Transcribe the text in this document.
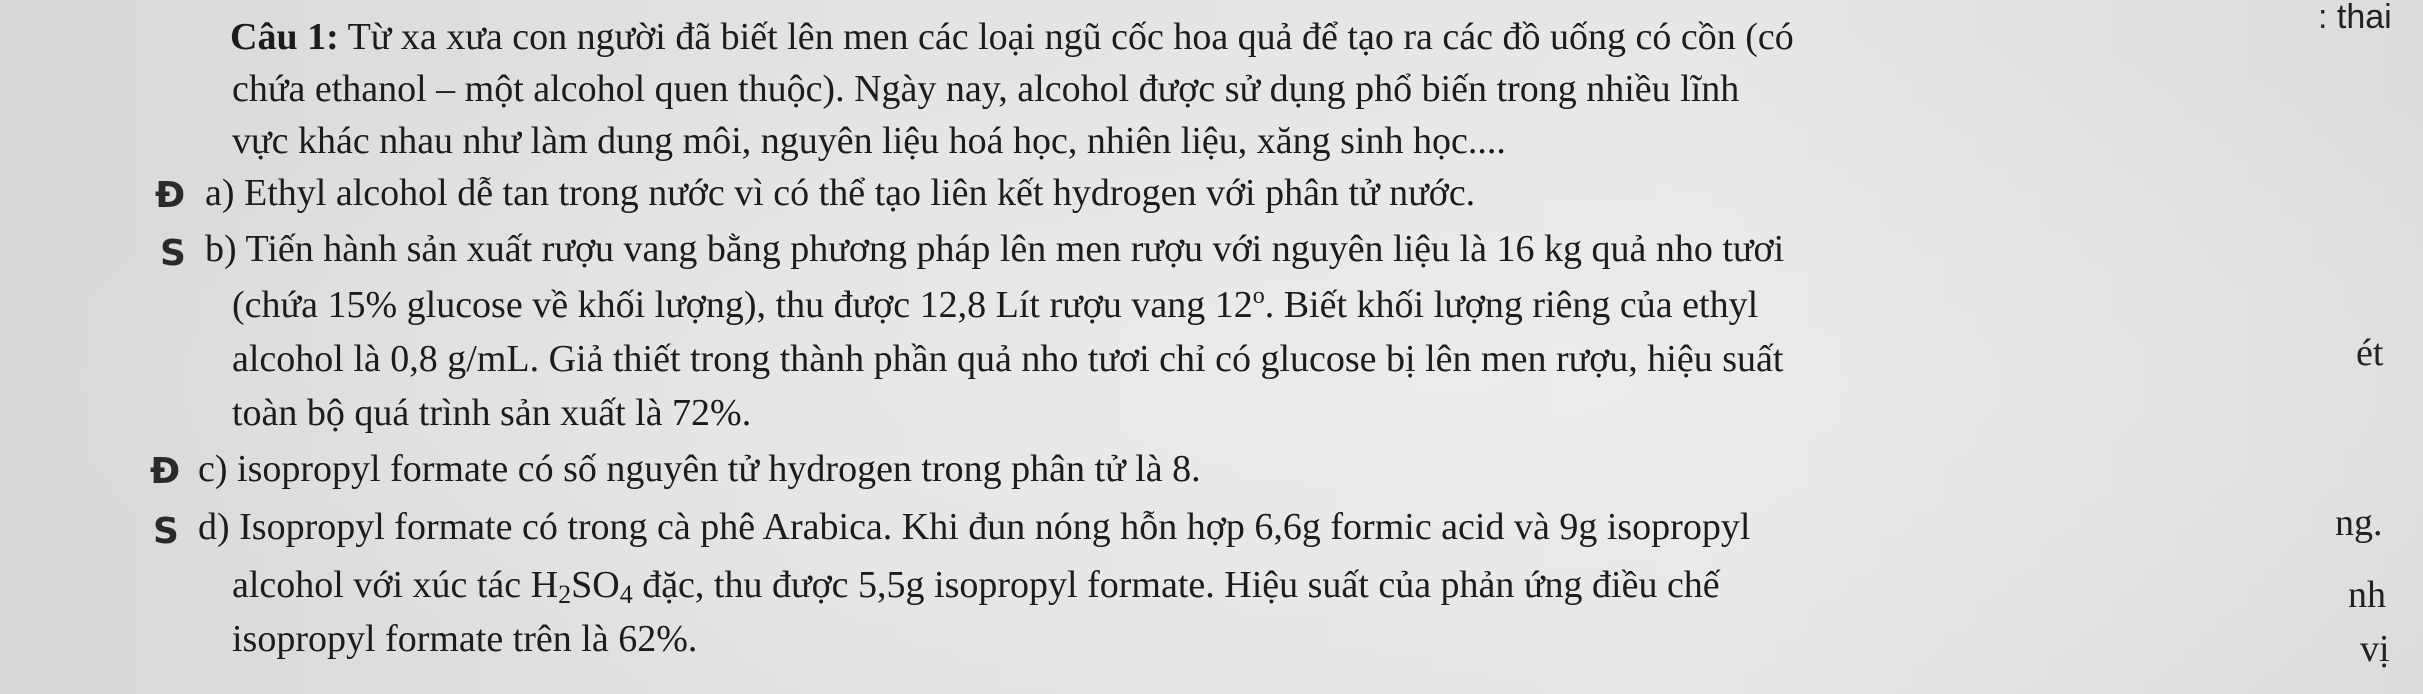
Câu 1: Từ xa xưa con người đã biết lên men các loại ngũ cốc hoa quả để tạo ra các đồ uống có cồn (có
chứa ethanol – một alcohol quen thuộc). Ngày nay, alcohol được sử dụng phổ biến trong nhiều lĩnh
vực khác nhau như làm dung môi, nguyên liệu hoá học, nhiên liệu, xăng sinh học....
Đ a) Ethyl alcohol dễ tan trong nước vì có thể tạo liên kết hydrogen với phân tử nước.
S b) Tiến hành sản xuất rượu vang bằng phương pháp lên men rượu với nguyên liệu là 16 kg quả nho tươi
(chứa 15% glucose về khối lượng), thu được 12,8 Lít rượu vang 12$^o$. Biết khối lượng riêng của ethyl
alcohol là 0,8 g/mL. Giả thiết trong thành phần quả nho tươi chỉ có glucose bị lên men rượu, hiệu suất
toàn bộ quá trình sản xuất là 72%.
Đ c) isopropyl formate có số nguyên tử hydrogen trong phân tử là 8.
S d) Isopropyl formate có trong cà phê Arabica. Khi đun nóng hỗn hợp 6,6g formic acid và 9g isopropyl
alcohol với xúc tác $H_2SO_4$ đặc, thu được 5,5g isopropyl formate. Hiệu suất của phản ứng điều chế
isopropyl formate trên là 62%.
: thai
ét
ng.
nh
vị
